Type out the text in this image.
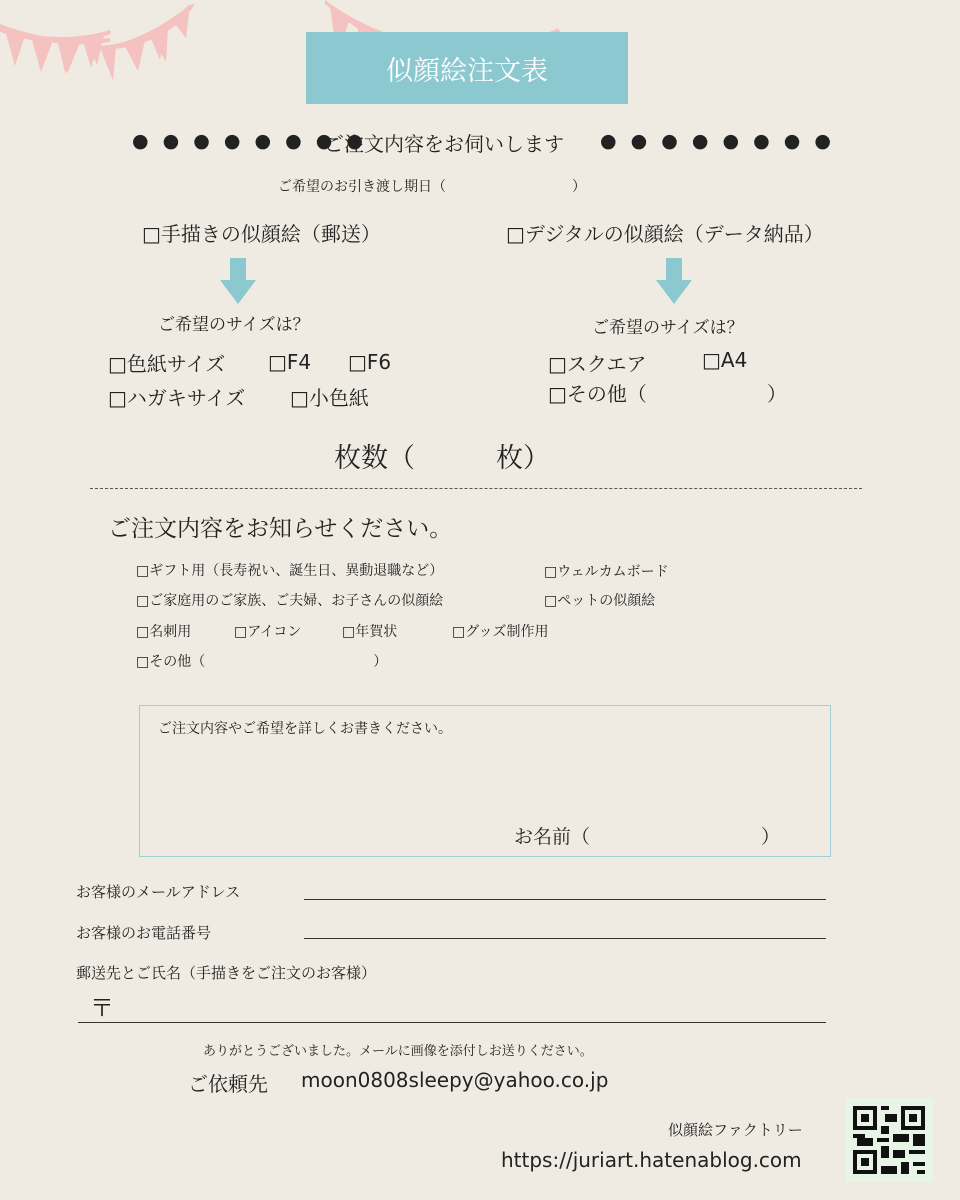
似顔絵注文表
● ● ● ● ● ● ● ●
ご注文内容をお伺いします ● ● ● ● ● ● ● ●
ご希望のお引き渡し期日（　　　　　　　　　）
□手描きの似顔絵（郵送）	□デジタルの似顔絵（データ納品）
ご希望のサイズは？	ご希望のサイズは？
□色紙サイズ □F4 □F6
□ハガキサイズ □小色紙
□スクエア	□A4
□その他（　　　　　　）
枚数（　　　枚）
ご注文内容をお知らせください。
□ギフト用（長寿祝い、誕生日、異動退職など）	□ウェルカムボード
□ご家庭用のご家族、ご夫婦、お子さんの似顔絵	□ペットの似顔絵
□名刺用	□アイコン	□年賀状	□グッズ制作用
□その他（　　　　　　　　　　　　）
ご注文内容やご希望を詳しくお書きください。
お名前（　　　　　　　　　）
お客様のメールアドレス
お客様のお電話番号
郵送先とご氏名（手描きをご注文のお客様）
〒
ありがとうございました。メールに画像を添付しお送りください。
ご依頼先 moon0808sleepy@yahoo.co.jp
似顔絵ファクトリー
https://juriart.hatenablog.com
